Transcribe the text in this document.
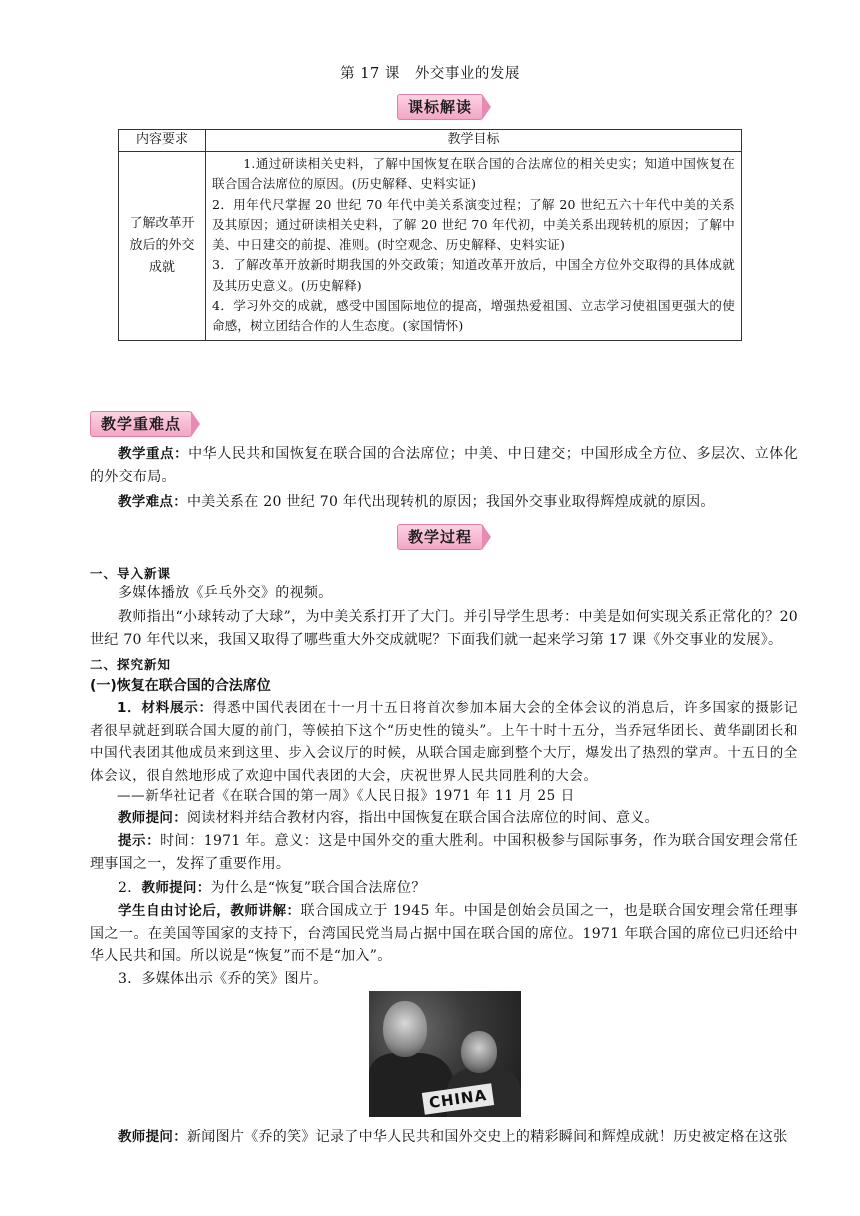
第 17 课　外交事业的发展
课标解读
内容要求	教学目标
了解改革开放后的外交成就	1.通过研读相关史料，了解中国恢复在联合国的合法席位的相关史实；知道中国恢复在联合国合法席位的原因。(历史解释、史料实证)
2．用年代尺掌握 20 世纪 70 年代中美关系演变过程；了解 20 世纪五六十年代中美的关系及其原因；通过研读相关史料，了解 20 世纪 70 年代初，中美关系出现转机的原因；了解中美、中日建交的前提、准则。(时空观念、历史解释、史料实证)
3．了解改革开放新时期我国的外交政策；知道改革开放后，中国全方位外交取得的具体成就及其历史意义。(历史解释)
4．学习外交的成就，感受中国国际地位的提高，增强热爱祖国、立志学习使祖国更强大的使命感，树立团结合作的人生态度。(家国情怀)
教学重难点
教学重点：中华人民共和国恢复在联合国的合法席位；中美、中日建交；中国形成全方位、多层次、立体化的外交布局。
教学难点：中美关系在 20 世纪 70 年代出现转机的原因；我国外交事业取得辉煌成就的原因。
教学过程
一、导入新课
多媒体播放《乒乓外交》的视频。
教师指出“小球转动了大球”，为中美关系打开了大门。并引导学生思考：中美是如何实现关系正常化的？20 世纪 70 年代以来，我国又取得了哪些重大外交成就呢？下面我们就一起来学习第 17 课《外交事业的发展》。
二、探究新知
(一)恢复在联合国的合法席位
1．材料展示：得悉中国代表团在十一月十五日将首次参加本届大会的全体会议的消息后，许多国家的摄影记者很早就赶到联合国大厦的前门，等候拍下这个“历史性的镜头”。上午十时十五分，当乔冠华团长、黄华副团长和中国代表团其他成员来到这里、步入会议厅的时候，从联合国走廊到整个大厅，爆发出了热烈的掌声。十五日的全体会议，很自然地形成了欢迎中国代表团的大会，庆祝世界人民共同胜利的大会。
——新华社记者《在联合国的第一周》《人民日报》1971 年 11 月 25 日
教师提问：阅读材料并结合教材内容，指出中国恢复在联合国合法席位的时间、意义。
提示：时间：1971 年。意义：这是中国外交的重大胜利。中国积极参与国际事务，作为联合国安理会常任理事国之一，发挥了重要作用。
2．教师提问：为什么是“恢复”联合国合法席位？
学生自由讨论后，教师讲解：联合国成立于 1945 年。中国是创始会员国之一，也是联合国安理会常任理事国之一。在美国等国家的支持下，台湾国民党当局占据中国在联合国的席位。1971 年联合国的席位已归还给中华人民共和国。所以说是“恢复”而不是“加入”。
3．多媒体出示《乔的笑》图片。
CHINA
教师提问：新闻图片《乔的笑》记录了中华人民共和国外交史上的精彩瞬间和辉煌成就！历史被定格在这张
